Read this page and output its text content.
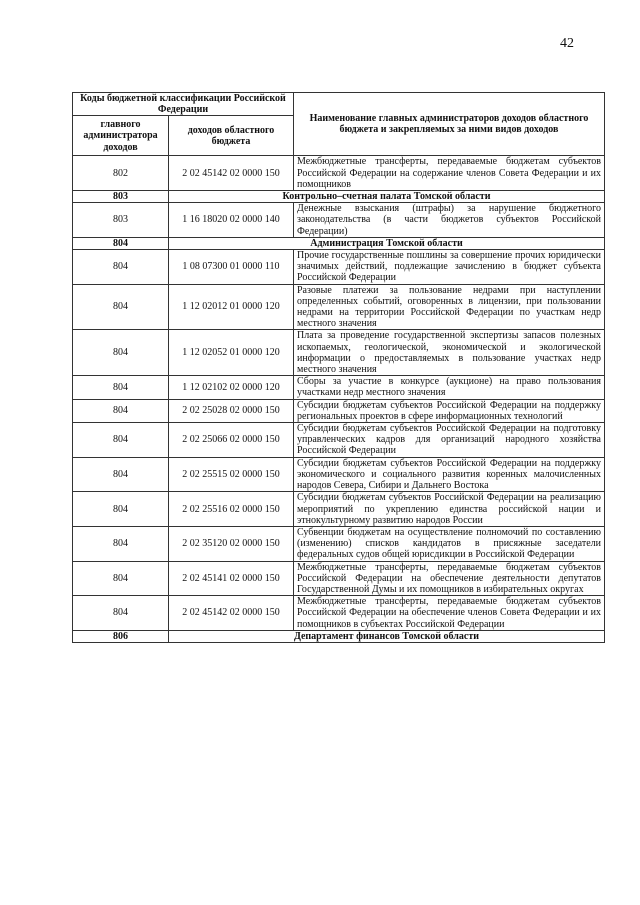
42
Коды бюджетной классификации Российской Федерации		Наименование главных администраторов доходов областного бюджета и закрепляемых за ними видов доходов
главного администратора доходов	доходов областного бюджета	
802	2 02 45142 02 0000 150	Межбюджетные трансферты, передаваемые бюджетам субъектов Российской Федерации на содержание членов Совета Федерации и их помощников
803	Контрольно–счетная палата Томской области	
803	1 16 18020 02 0000 140	Денежные взыскания (штрафы) за нарушение бюджетного законодательства (в части бюджетов субъектов Российской Федерации)
804	Администрация Томской области	
804	1 08 07300 01 0000 110	Прочие государственные пошлины за совершение прочих юридически значимых действий, подлежащие зачислению в бюджет субъекта Российской Федерации
804	1 12 02012 01 0000 120	Разовые платежи за пользование недрами при наступлении определенных событий, оговоренных в лицензии, при пользовании недрами на территории Российской Федерации по участкам недр местного значения
804	1 12 02052 01 0000 120	Плата за проведение государственной экспертизы запасов полезных ископаемых, геологической, экономической и экологической информации о предоставляемых в пользование участках недр местного значения
804	1 12 02102 02 0000 120	Сборы за участие в конкурсе (аукционе) на право пользования участками недр местного значения
804	2 02 25028 02 0000 150	Субсидии бюджетам субъектов Российской Федерации на поддержку региональных проектов в сфере информационных технологий
804	2 02 25066 02 0000 150	Субсидии бюджетам субъектов Российской Федерации на подготовку управленческих кадров для организаций народного хозяйства Российской Федерации
804	2 02 25515 02 0000 150	Субсидии бюджетам субъектов Российской Федерации на поддержку экономического и социального развития коренных малочисленных народов Севера, Сибири и Дальнего Востока
804	2 02 25516 02 0000 150	Субсидии бюджетам субъектов Российской Федерации на реализацию мероприятий по укреплению единства российской нации и этнокультурному развитию народов России
804	2 02 35120 02 0000 150	Субвенции бюджетам на осуществление полномочий по составлению (изменению) списков кандидатов в присяжные заседатели федеральных судов общей юрисдикции в Российской Федерации
804	2 02 45141 02 0000 150	Межбюджетные трансферты, передаваемые бюджетам субъектов Российской Федерации на обеспечение деятельности депутатов Государственной Думы и их помощников в избирательных округах
804	2 02 45142 02 0000 150	Межбюджетные трансферты, передаваемые бюджетам субъектов Российской Федерации на обеспечение членов Совета Федерации и их помощников в субъектах Российской Федерации
806	Департамент финансов Томской области	
